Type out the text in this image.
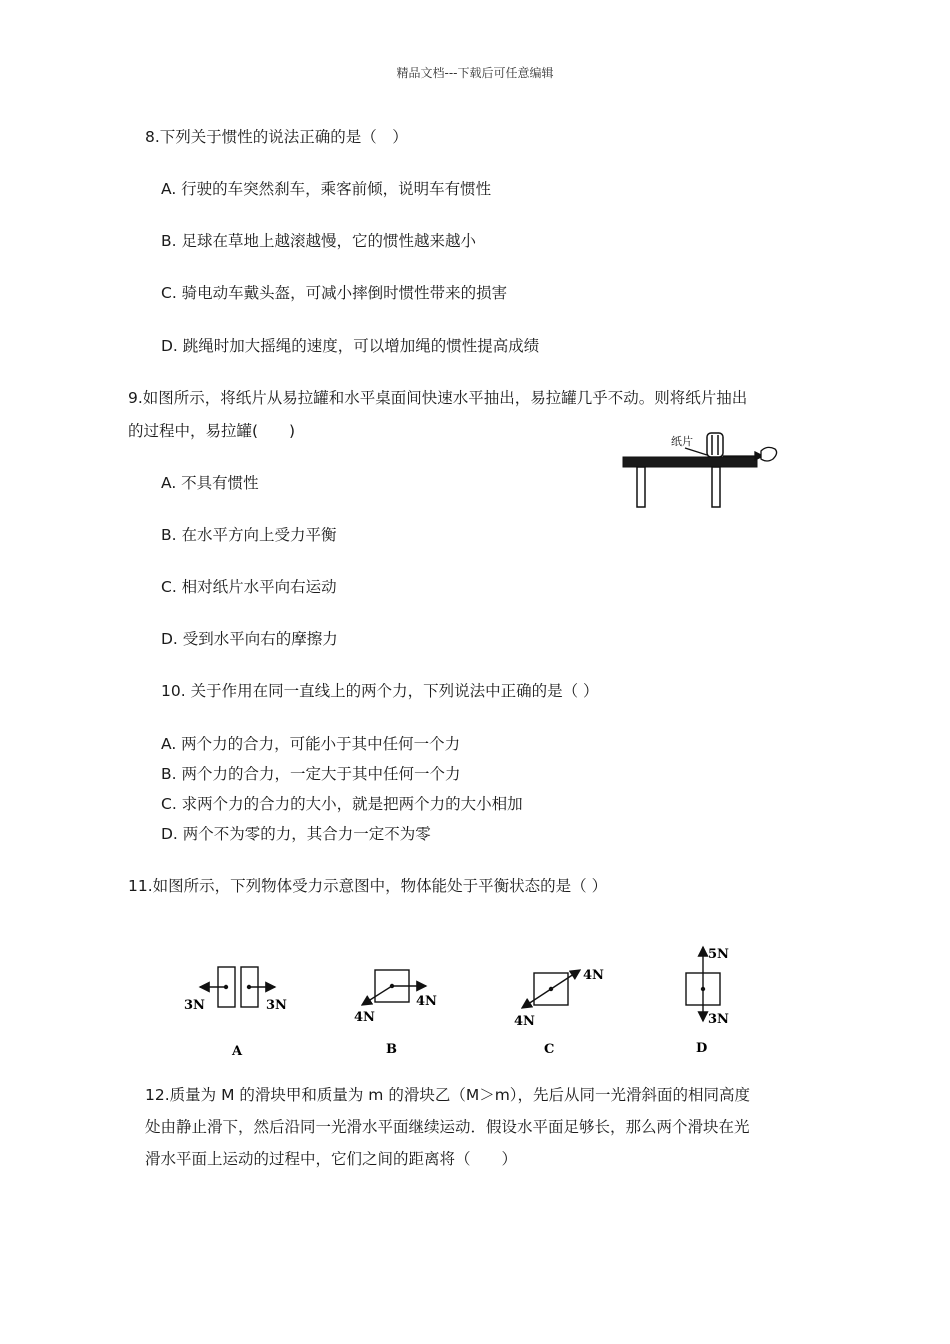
精品文档---下载后可任意编辑
8.下列关于惯性的说法正确的是（　）
A. 行驶的车突然刹车，乘客前倾，说明车有惯性
B. 足球在草地上越滚越慢，它的惯性越来越小
C. 骑电动车戴头盔，可减小摔倒时惯性带来的损害
D. 跳绳时加大摇绳的速度，可以增加绳的惯性提高成绩
9.如图所示，将纸片从易拉罐和水平桌面间快速水平抽出，易拉罐几乎不动。则将纸片抽出
的过程中，易拉罐(　　)
A. 不具有惯性
B. 在水平方向上受力平衡
C. 相对纸片水平向右运动
D. 受到水平向右的摩擦力
纸片
10. 关于作用在同一直线上的两个力，下列说法中正确的是（ ）
A. 两个力的合力，可能小于其中任何一个力
B. 两个力的合力，一定大于其中任何一个力
C. 求两个力的合力的大小，就是把两个力的大小相加
D. 两个不为零的力，其合力一定不为零
11.如图所示，下列物体受力示意图中，物体能处于平衡状态的是（ ）
3N	3N
A
4N
4N
B
4N
4N
C
5N
3N
D
12.质量为 M 的滑块甲和质量为 m 的滑块乙（M＞m），先后从同一光滑斜面的相同高度
处由静止滑下，然后沿同一光滑水平面继续运动．假设水平面足够长，那么两个滑块在光
滑水平面上运动的过程中，它们之间的距离将（　　）
